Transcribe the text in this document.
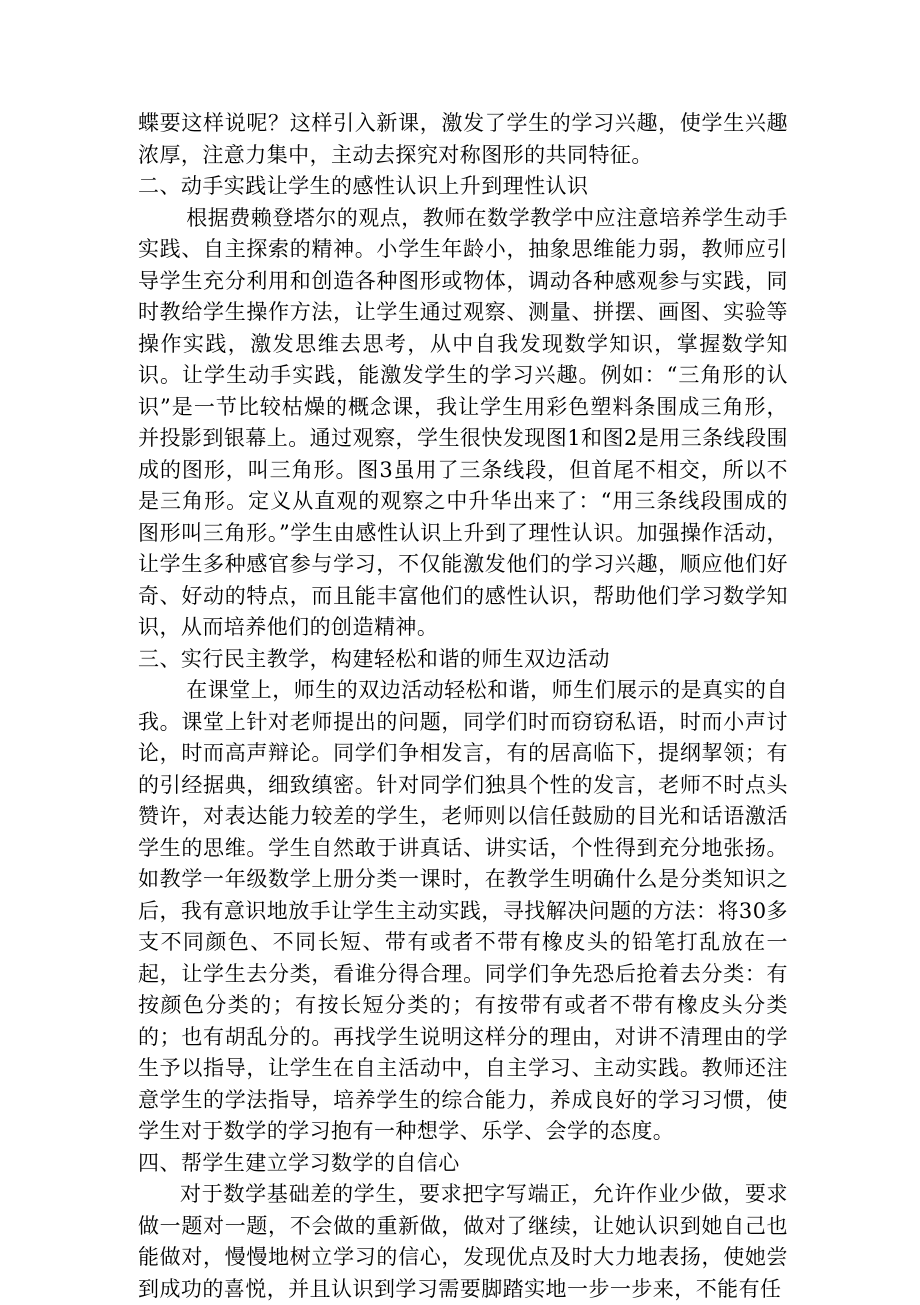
蝶要这样说呢？这样引入新课，激发了学生的学习兴趣，使学生兴趣浓厚，注意力集中，主动去探究对称图形的共同特征。

二、动手实践让学生的感性认识上升到理性认识

根据费赖登塔尔的观点，教师在数学教学中应注意培养学生动手实践、自主探索的精神。小学生年龄小，抽象思维能力弱，教师应引导学生充分利用和创造各种图形或物体，调动各种感观参与实践，同时教给学生操作方法，让学生通过观察、测量、拼摆、画图、实验等操作实践，激发思维去思考，从中自我发现数学知识，掌握数学知识。让学生动手实践，能激发学生的学习兴趣。例如：“三角形的认识”是一节比较枯燥的概念课，我让学生用彩色塑料条围成三角形，并投影到银幕上。通过观察，学生很快发现图1和图2是用三条线段围成的图形，叫三角形。图3虽用了三条线段，但首尾不相交，所以不是三角形。定义从直观的观察之中升华出来了：“用三条线段围成的图形叫三角形。”学生由感性认识上升到了理性认识。加强操作活动，让学生多种感官参与学习，不仅能激发他们的学习兴趣，顺应他们好奇、好动的特点，而且能丰富他们的感性认识，帮助他们学习数学知识，从而培养他们的创造精神。

三、实行民主教学，构建轻松和谐的师生双边活动

在课堂上，师生的双边活动轻松和谐，师生们展示的是真实的自我。课堂上针对老师提出的问题，同学们时而窃窃私语，时而小声讨论，时而高声辩论。同学们争相发言，有的居高临下，提纲挈领；有的引经据典，细致缜密。针对同学们独具个性的发言，老师不时点头赞许，对表达能力较差的学生，老师则以信任鼓励的目光和话语激活学生的思维。学生自然敢于讲真话、讲实话，个性得到充分地张扬。如教学一年级数学上册分类一课时，在教学生明确什么是分类知识之后，我有意识地放手让学生主动实践，寻找解决问题的方法：将30多支不同颜色、不同长短、带有或者不带有橡皮头的铅笔打乱放在一起，让学生去分类，看谁分得合理。同学们争先恐后抢着去分类：有按颜色分类的；有按长短分类的；有按带有或者不带有橡皮头分类的；也有胡乱分的。再找学生说明这样分的理由，对讲不清理由的学生予以指导，让学生在自主活动中，自主学习、主动实践。教师还注意学生的学法指导，培养学生的综合能力，养成良好的学习习惯，使学生对于数学的学习抱有一种想学、乐学、会学的态度。

四、帮学生建立学习数学的自信心

对于数学基础差的学生，要求把字写端正，允许作业少做，要求做一题对一题，不会做的重新做，做对了继续，让她认识到她自己也能做对，慢慢地树立学习的信心，发现优点及时大力地表扬，使她尝到成功的喜悦，并且认识到学习需要脚踏实地一步一步来，不能有任
